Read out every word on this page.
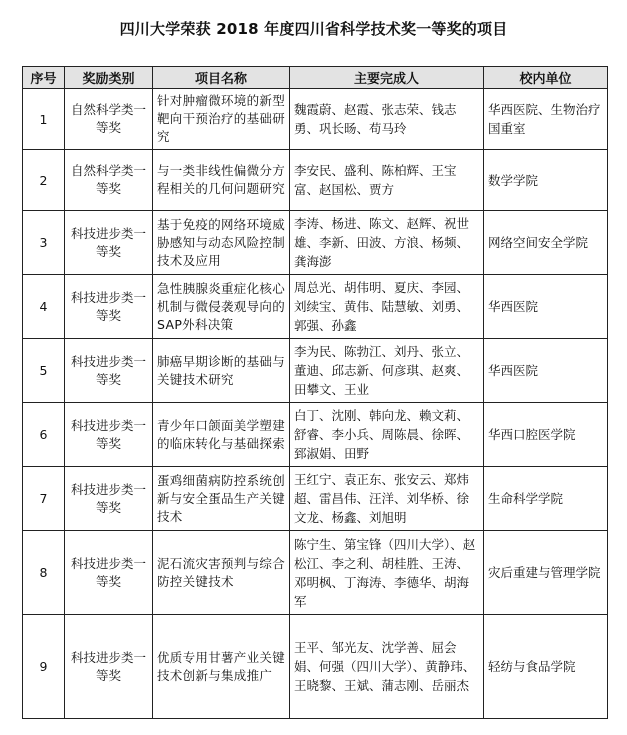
四川大学荣获 2018 年度四川省科学技术奖一等奖的项目
序号	奖励类别	项目名称	主要完成人	校内单位
1	自然科学类一等奖	针对肿瘤微环境的新型靶向干预治疗的基础研究	魏霞蔚、赵霞、张志荣、钱志勇、巩长旸、苟马玲	华西医院、生物治疗国重室
2	自然科学类一等奖	与一类非线性偏微分方程相关的几何问题研究	李安民、盛利、陈柏辉、王宝富、赵国松、贾方	数学学院
3	科技进步类一等奖	基于免疫的网络环境威胁感知与动态风险控制技术及应用	李涛、杨进、陈文、赵辉、祝世雄、李新、田波、方浪、杨频、龚海澎	网络空间安全学院
4	科技进步类一等奖	急性胰腺炎重症化核心机制与微侵袭观导向的SAP外科决策	周总光、胡伟明、夏庆、李园、刘续宝、黄伟、陆慧敏、刘勇、郭强、孙鑫	华西医院
5	科技进步类一等奖	肺癌早期诊断的基础与关键技术研究	李为民、陈勃江、刘丹、张立、董迪、邱志新、何彦琪、赵爽、田攀文、王业	华西医院
6	科技进步类一等奖	青少年口颌面美学塑建的临床转化与基础探索	白丁、沈刚、韩向龙、赖文莉、舒睿、李小兵、周陈晨、徐晖、郅淑娟、田野	华西口腔医学院
7	科技进步类一等奖	蛋鸡细菌病防控系统创新与安全蛋品生产关键技术	王红宁、袁正东、张安云、郑炜超、雷昌伟、汪洋、刘华桥、徐文龙、杨鑫、刘旭明	生命科学学院
8	科技进步类一等奖	泥石流灾害预判与综合防控关键技术	陈宁生、第宝锋（四川大学）、赵松江、李之利、胡桂胜、王涛、邓明枫、丁海涛、李德华、胡海军	灾后重建与管理学院
9	科技进步类一等奖	优质专用甘薯产业关键技术创新与集成推广	王平、邹光友、沈学善、屈会娟、何强（四川大学）、黄静玮、王晓黎、王斌、蒲志刚、岳丽杰	轻纺与食品学院
